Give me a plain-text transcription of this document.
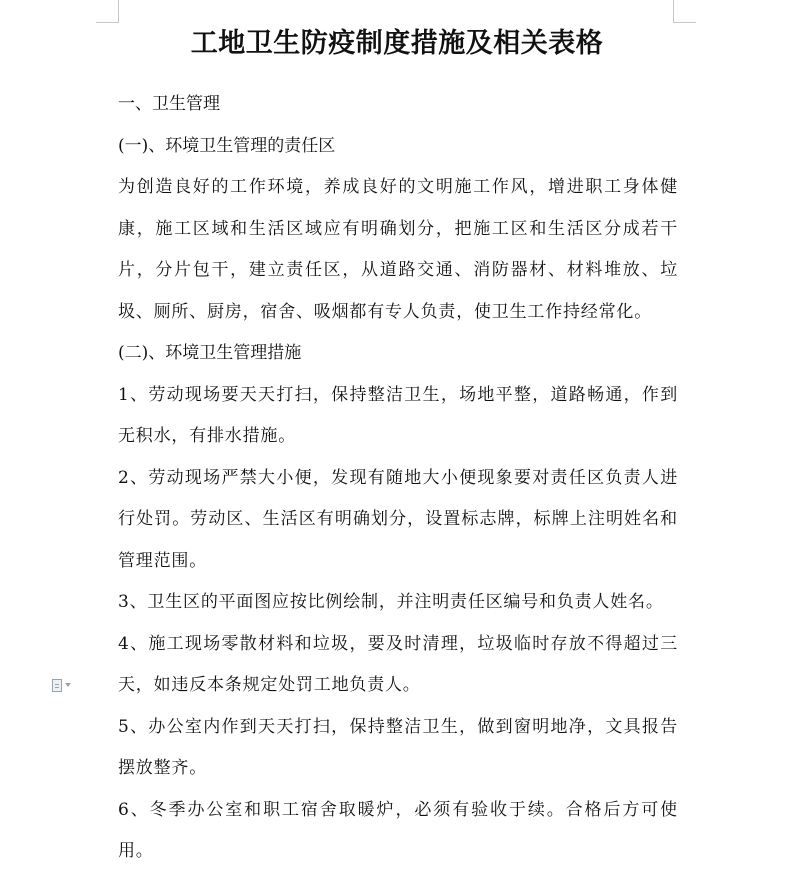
工地卫生防疫制度措施及相关表格

一、卫生管理

(一)、环境卫生管理的责任区

为创造良好的工作环境，养成良好的文明施工作风，增进职工身体健康，施工区域和生活区域应有明确划分，把施工区和生活区分成若干片，分片包干，建立责任区，从道路交通、消防器材、材料堆放、垃圾、厕所、厨房，宿舍、吸烟都有专人负责，使卫生工作持经常化。

(二)、环境卫生管理措施

1、劳动现场要天天打扫，保持整洁卫生，场地平整，道路畅通，作到无积水，有排水措施。

2、劳动现场严禁大小便，发现有随地大小便现象要对责任区负责人进行处罚。劳动区、生活区有明确划分，设置标志牌，标牌上注明姓名和管理范围。

3、卫生区的平面图应按比例绘制，并注明责任区编号和负责人姓名。

4、施工现场零散材料和垃圾，要及时清理，垃圾临时存放不得超过三天，如违反本条规定处罚工地负责人。

5、办公室内作到天天打扫，保持整洁卫生，做到窗明地净，文具报告摆放整齐。

6、冬季办公室和职工宿舍取暖炉，必须有验收于续。合格后方可使用。
